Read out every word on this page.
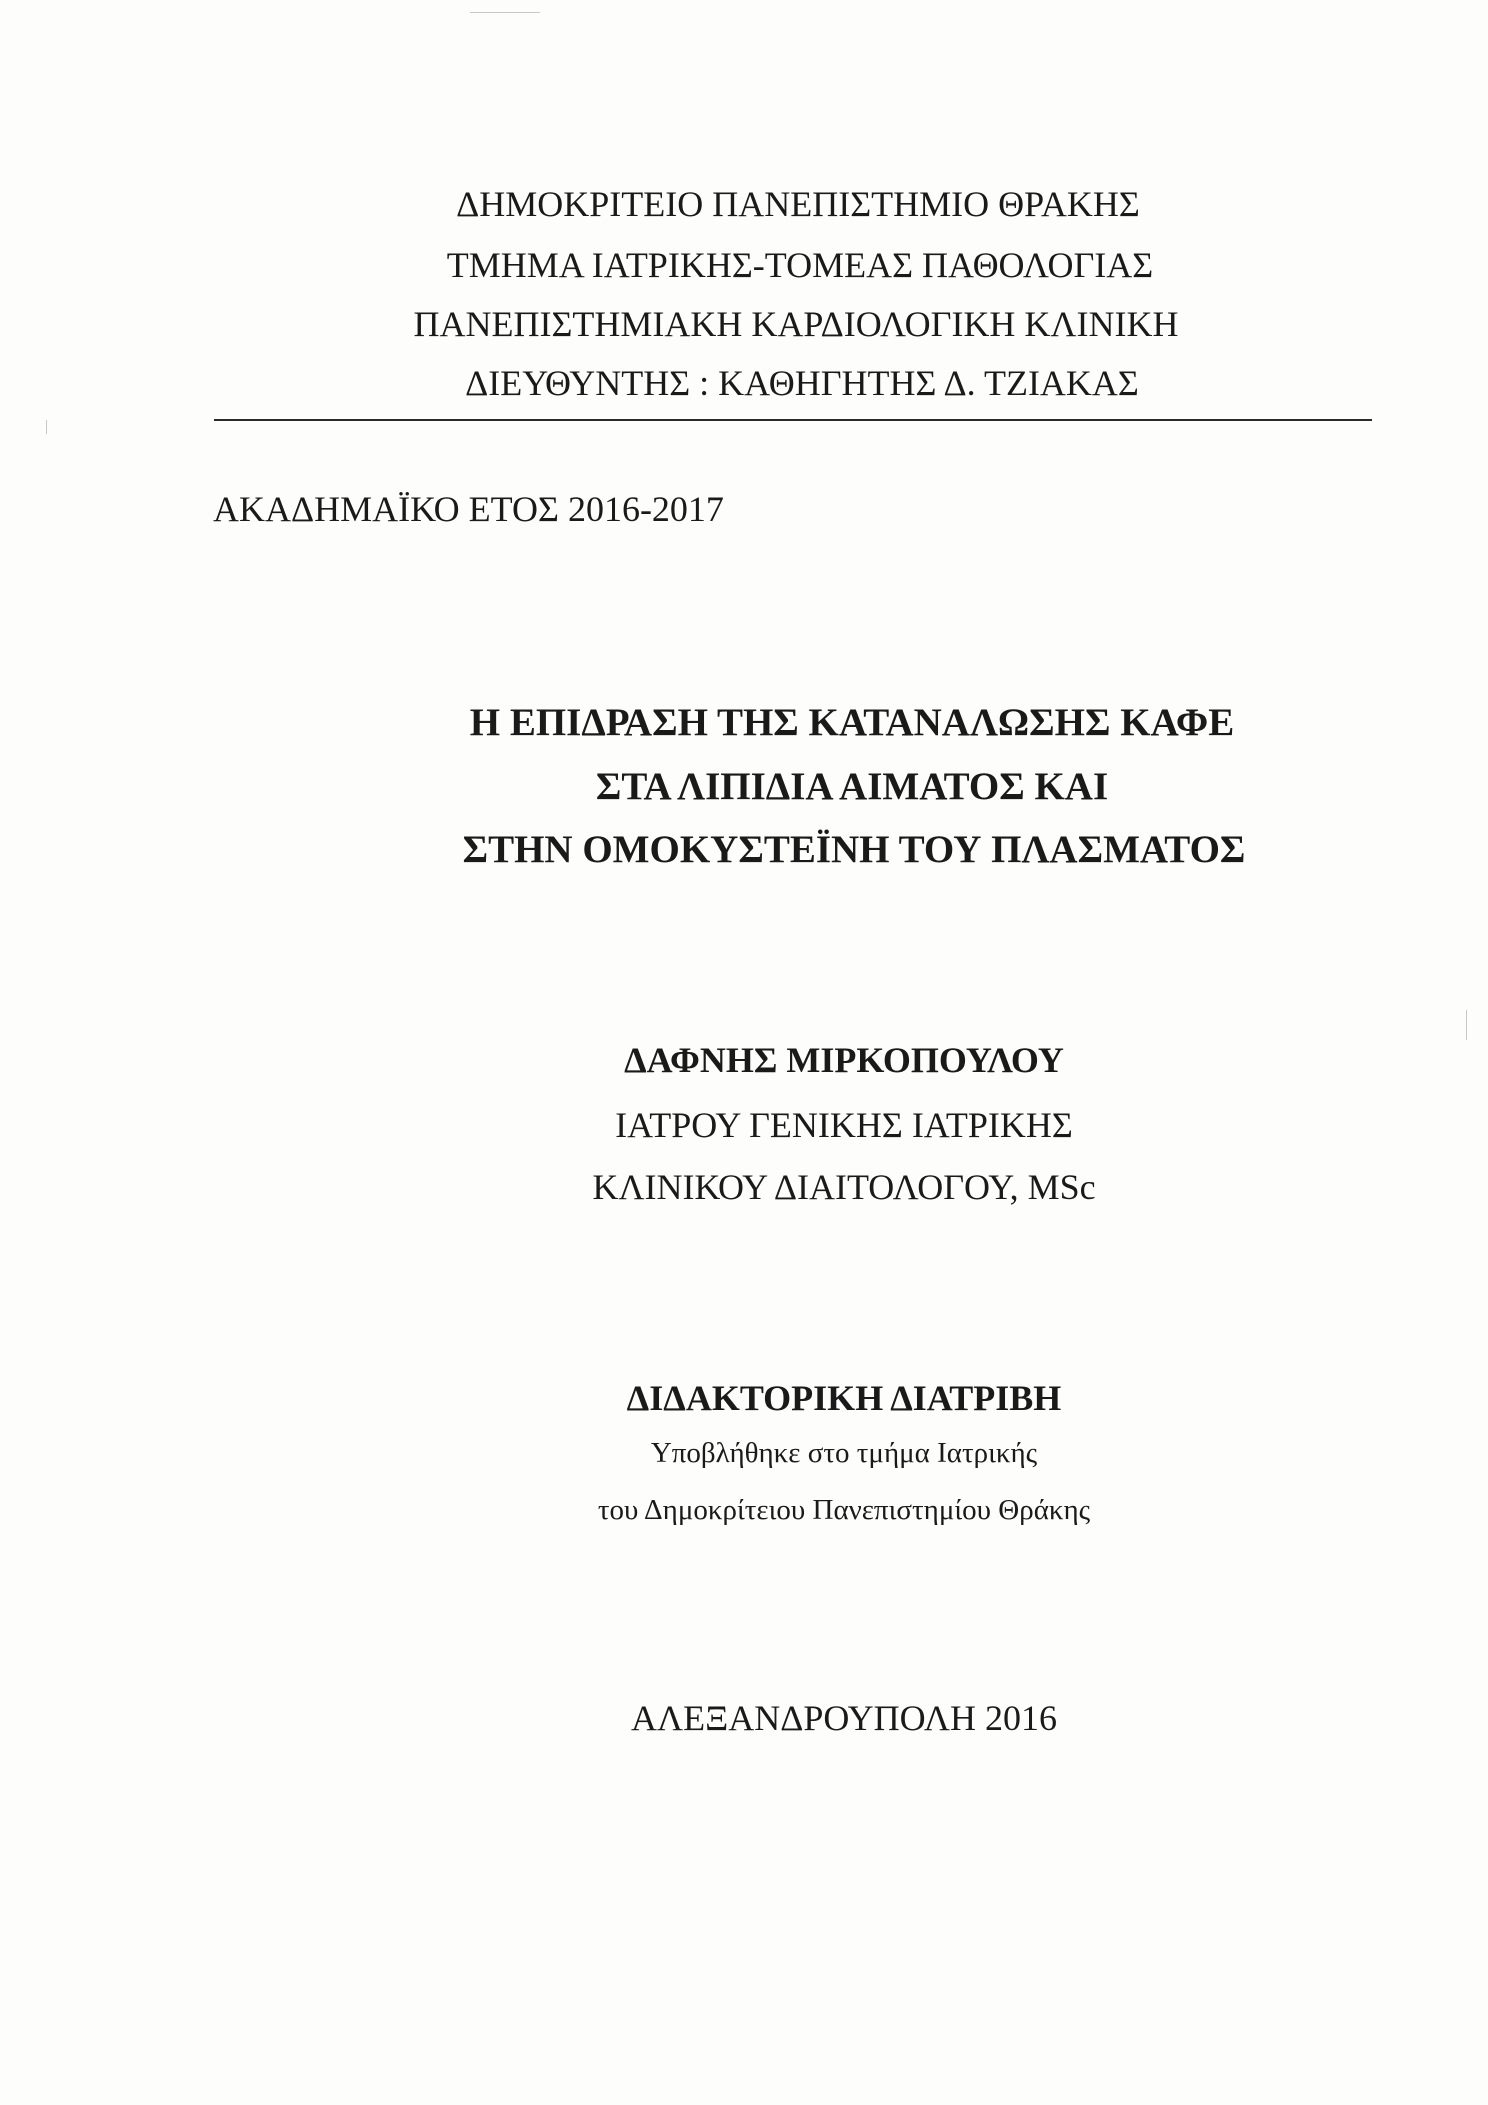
ΔΗΜΟΚΡΙΤΕΙΟ ΠΑΝΕΠΙΣΤΗΜΙΟ ΘΡΑΚΗΣ
ΤΜΗΜΑ ΙΑΤΡΙΚΗΣ-ΤΟΜΕΑΣ ΠΑΘΟΛΟΓΙΑΣ
ΠΑΝΕΠΙΣΤΗΜΙΑΚΗ ΚΑΡΔΙΟΛΟΓΙΚΗ ΚΛΙΝΙΚΗ
ΔΙΕΥΘΥΝΤΗΣ : ΚΑΘΗΓΗΤΗΣ Δ. ΤΖΙΑΚΑΣ
ΑΚΑΔΗΜΑΪΚΟ ΕΤΟΣ 2016-2017
Η ΕΠΙΔΡΑΣΗ ΤΗΣ ΚΑΤΑΝΑΛΩΣΗΣ ΚΑΦΕ
ΣΤΑ ΛΙΠΙΔΙΑ ΑΙΜΑΤΟΣ ΚΑΙ
ΣΤΗΝ ΟΜΟΚΥΣΤΕΪΝΗ ΤΟΥ ΠΛΑΣΜΑΤΟΣ
ΔΑΦΝΗΣ ΜΙΡΚΟΠΟΥΛΟΥ
ΙΑΤΡΟΥ ΓΕΝΙΚΗΣ ΙΑΤΡΙΚΗΣ
ΚΛΙΝΙΚΟΥ ΔΙΑΙΤΟΛΟΓΟΥ, MSc
ΔΙΔΑΚΤΟΡΙΚΗ ΔΙΑΤΡΙΒΗ
Υποβλήθηκε στο τμήμα Ιατρικής
του Δημοκρίτειου Πανεπιστημίου Θράκης
ΑΛΕΞΑΝΔΡΟΥΠΟΛΗ 2016
